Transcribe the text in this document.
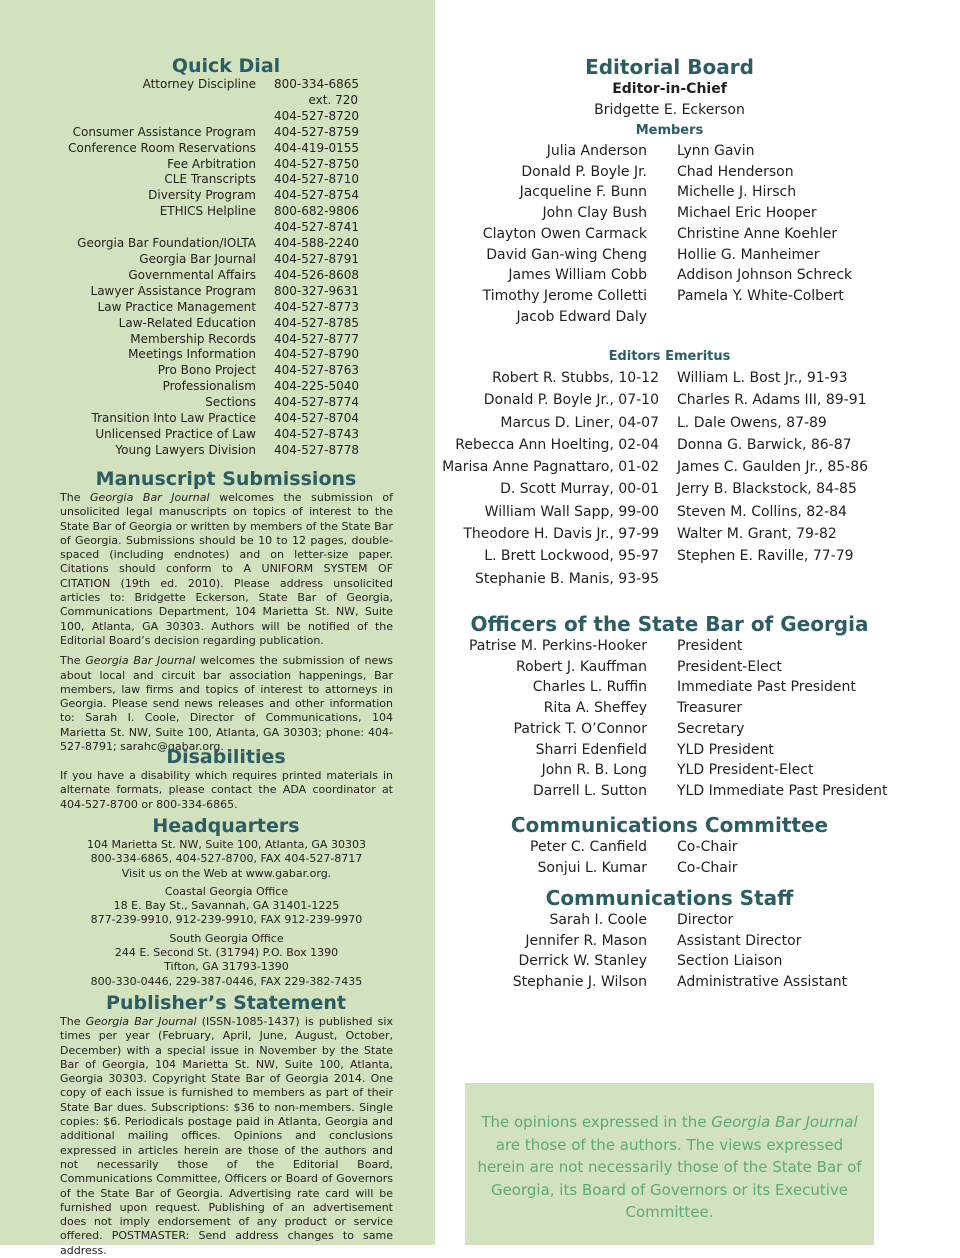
Quick Dial
Attorney Discipline 800-334-6865
ext. 720
404-527-8720
Consumer Assistance Program 404-527-8759
Conference Room Reservations 404-419-0155
Fee Arbitration 404-527-8750
CLE Transcripts 404-527-8710
Diversity Program 404-527-8754
ETHICS Helpline 800-682-9806
404-527-8741
Georgia Bar Foundation/IOLTA 404-588-2240
Georgia Bar Journal 404-527-8791
Governmental Affairs 404-526-8608
Lawyer Assistance Program 800-327-9631
Law Practice Management 404-527-8773
Law-Related Education 404-527-8785
Membership Records 404-527-8777
Meetings Information 404-527-8790
Pro Bono Project 404-527-8763
Professionalism 404-225-5040
Sections 404-527-8774
Transition Into Law Practice 404-527-8704
Unlicensed Practice of Law 404-527-8743
Young Lawyers Division 404-527-8778
Manuscript Submissions

The Georgia Bar Journal welcomes the submission of unsolicited legal manuscripts on topics of interest to the State Bar of Georgia or written by members of the State Bar of Georgia. Submissions should be 10 to 12 pages, double-spaced (including endnotes) and on letter-size paper. Citations should conform to A UNIFORM SYSTEM OF CITATION (19th ed. 2010). Please address unsolicited articles to: Bridgette Eckerson, State Bar of Georgia, Communications Department, 104 Marietta St. NW, Suite 100, Atlanta, GA 30303. Authors will be notified of the Editorial Board’s decision regarding publication.

The Georgia Bar Journal welcomes the submission of news about local and circuit bar association happenings, Bar members, law firms and topics of interest to attorneys in Georgia. Please send news releases and other information to: Sarah I. Coole, Director of Communications, 104 Marietta St. NW, Suite 100, Atlanta, GA 30303; phone: 404-527-8791; sarahc@gabar.org.

Disabilities

If you have a disability which requires printed materials in alternate formats, please contact the ADA coordinator at 404-527-8700 or 800-334-6865.

Headquarters
104 Marietta St. NW, Suite 100, Atlanta, GA 30303
800-334-6865, 404-527-8700, FAX 404-527-8717
Visit us on the Web at www.gabar.org.
Coastal Georgia Office
18 E. Bay St., Savannah, GA 31401-1225
877-239-9910, 912-239-9910, FAX 912-239-9970
South Georgia Office
244 E. Second St. (31794) P.O. Box 1390
Tifton, GA 31793-1390
800-330-0446, 229-387-0446, FAX 229-382-7435
Publisher’s Statement

The Georgia Bar Journal (ISSN-1085-1437) is published six times per year (February, April, June, August, October, December) with a special issue in November by the State Bar of Georgia, 104 Marietta St. NW, Suite 100, Atlanta, Georgia 30303. Copyright State Bar of Georgia 2014. One copy of each issue is furnished to members as part of their State Bar dues. Subscriptions: $36 to non-members. Single copies: $6. Periodicals postage paid in Atlanta, Georgia and additional mailing offices. Opinions and conclusions expressed in articles herein are those of the authors and not necessarily those of the Editorial Board, Communications Committee, Officers or Board of Governors of the State Bar of Georgia. Advertising rate card will be furnished upon request. Publishing of an advertisement does not imply endorsement of any product or service offered. POSTMASTER: Send address changes to same address.

Editorial Board
Editor-in-Chief
Bridgette E. Eckerson
Members
Julia Anderson Lynn Gavin
Donald P. Boyle Jr. Chad Henderson
Jacqueline F. Bunn Michelle J. Hirsch
John Clay Bush Michael Eric Hooper
Clayton Owen Carmack Christine Anne Koehler
David Gan-wing Cheng Hollie G. Manheimer
James William Cobb Addison Johnson Schreck
Timothy Jerome Colletti Pamela Y. White-Colbert
Jacob Edward Daly
Editors Emeritus
Robert R. Stubbs, 10-12 William L. Bost Jr., 91-93
Donald P. Boyle Jr., 07-10 Charles R. Adams III, 89-91
Marcus D. Liner, 04-07 L. Dale Owens, 87-89
Rebecca Ann Hoelting, 02-04 Donna G. Barwick, 86-87
Marisa Anne Pagnattaro, 01-02 James C. Gaulden Jr., 85-86
D. Scott Murray, 00-01 Jerry B. Blackstock, 84-85
William Wall Sapp, 99-00 Steven M. Collins, 82-84
Theodore H. Davis Jr., 97-99 Walter M. Grant, 79-82
L. Brett Lockwood, 95-97 Stephen E. Raville, 77-79
Stephanie B. Manis, 93-95
Officers of the State Bar of Georgia
Patrise M. Perkins-Hooker President
Robert J. Kauffman President-Elect
Charles L. Ruffin Immediate Past President
Rita A. Sheffey Treasurer
Patrick T. O’Connor Secretary
Sharri Edenfield YLD President
John R. B. Long YLD President-Elect
Darrell L. Sutton YLD Immediate Past President
Communications Committee
Peter C. Canfield Co-Chair
Sonjui L. Kumar Co-Chair
Communications Staff
Sarah I. Coole Director
Jennifer R. Mason Assistant Director
Derrick W. Stanley Section Liaison
Stephanie J. Wilson Administrative Assistant

The opinions expressed in the Georgia Bar Journal are those of the authors. The views expressed herein are not necessarily those of the State Bar of Georgia, its Board of Governors or its Executive Committee.
